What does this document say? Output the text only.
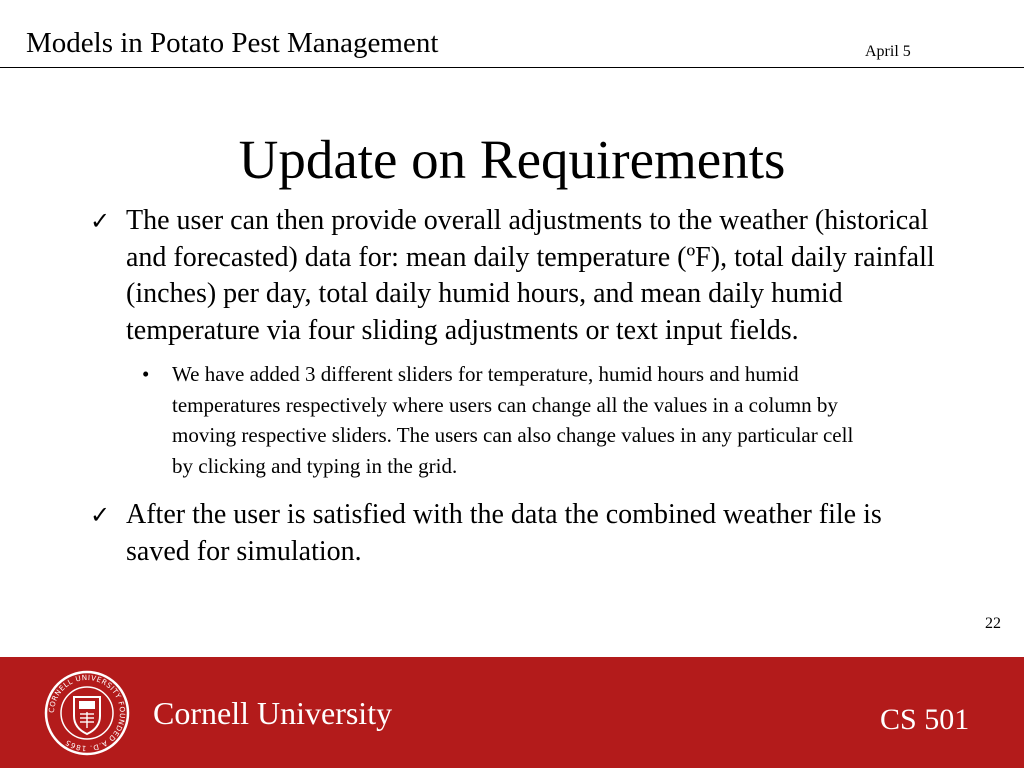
Models in Potato Pest Management	April 5
Update on Requirements
✓ The user can then provide overall adjustments to the weather (historical and forecasted) data for: mean daily temperature (ºF), total daily rainfall (inches) per day, total daily humid hours, and mean daily humid temperature via four sliding adjustments or text input fields.
• We have added 3 different sliders for temperature, humid hours and humid temperatures respectively where users can change all the values in a column by moving respective sliders. The users can also change values in any particular cell by clicking and typing in the grid.
✓ After the user is satisfied with the data the combined weather file is saved for simulation.
22
CORNELL UNIVERSITY FOUNDED A.D. 1865
Cornell University	CS 501
